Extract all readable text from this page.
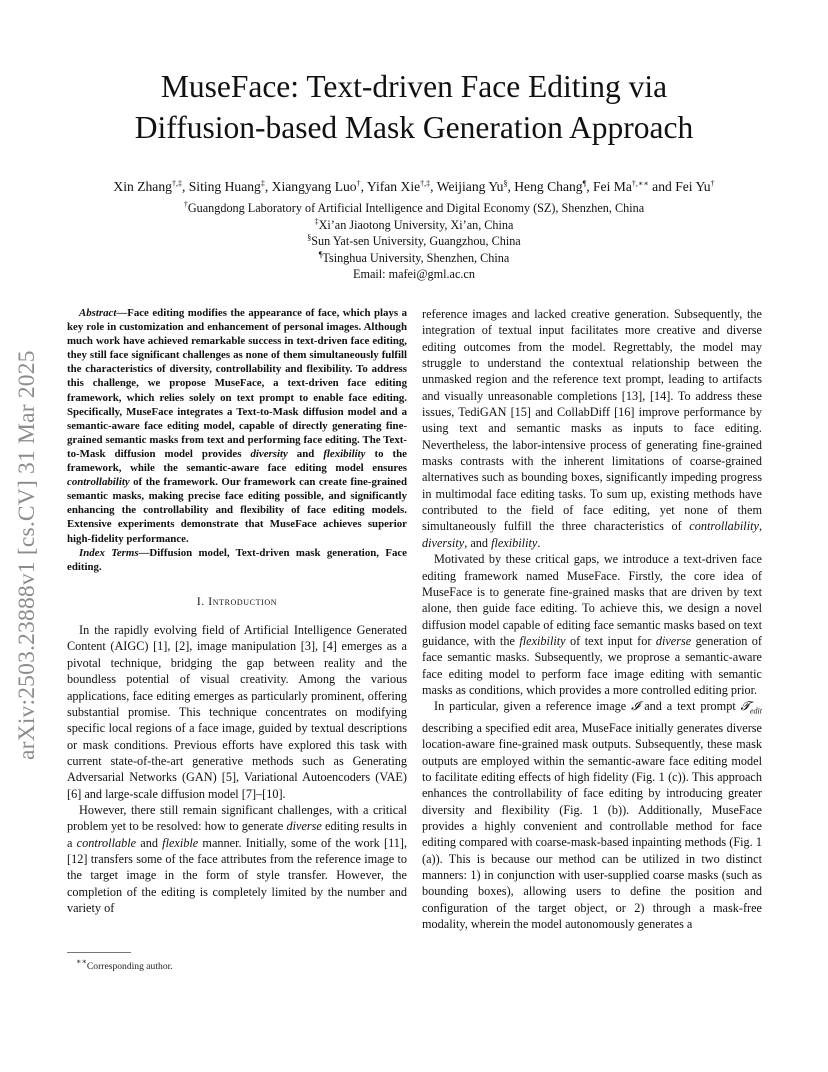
arXiv:2503.23888v1 [cs.CV] 31 Mar 2025
MuseFace: Text-driven Face Editing via
Diffusion-based Mask Generation Approach
Xin Zhang†,‡, Siting Huang‡, Xiangyang Luo†, Yifan Xie†,‡, Weijiang Yu§, Heng Chang¶, Fei Ma†,∗∗ and Fei Yu†
†Guangdong Laboratory of Artificial Intelligence and Digital Economy (SZ), Shenzhen, China
‡Xi’an Jiaotong University, Xi’an, China
§Sun Yat-sen University, Guangzhou, China
¶Tsinghua University, Shenzhen, China
Email: mafei@gml.ac.cn

Abstract—Face editing modifies the appearance of face, which plays a key role in customization and enhancement of personal images. Although much work have achieved remarkable success in text-driven face editing, they still face significant challenges as none of them simultaneously fulfill the characteristics of diversity, controllability and flexibility. To address this challenge, we propose MuseFace, a text-driven face editing framework, which relies solely on text prompt to enable face editing. Specifically, MuseFace integrates a Text-to-Mask diffusion model and a semantic-aware face editing model, capable of directly generating fine-grained semantic masks from text and performing face editing. The Text-to-Mask diffusion model provides diversity and flexibility to the framework, while the semantic-aware face editing model ensures controllability of the framework. Our framework can create fine-grained semantic masks, making precise face editing possible, and significantly enhancing the controllability and flexibility of face editing models. Extensive experiments demonstrate that MuseFace achieves superior high-fidelity performance.

Index Terms—Diffusion model, Text-driven mask generation, Face editing.

I. Introduction

In the rapidly evolving field of Artificial Intelligence Generated Content (AIGC) [1], [2], image manipulation [3], [4] emerges as a pivotal technique, bridging the gap between reality and the boundless potential of visual creativity. Among the various applications, face editing emerges as particularly prominent, offering substantial promise. This technique concentrates on modifying specific local regions of a face image, guided by textual descriptions or mask conditions. Previous efforts have explored this task with current state-of-the-art generative methods such as Generating Adversarial Networks (GAN) [5], Variational Autoencoders (VAE) [6] and large-scale diffusion model [7]–[10].

However, there still remain significant challenges, with a critical problem yet to be resolved: how to generate diverse editing results in a controllable and flexible manner. Initially, some of the work [11], [12] transfers some of the face attributes from the reference image to the target image in the form of style transfer. However, the completion of the editing is completely limited by the number and variety of

reference images and lacked creative generation. Subsequently, the integration of textual input facilitates more creative and diverse editing outcomes from the model. Regrettably, the model may struggle to understand the contextual relationship between the unmasked region and the reference text prompt, leading to artifacts and visually unreasonable completions [13], [14]. To address these issues, TediGAN [15] and CollabDiff [16] improve performance by using text and semantic masks as inputs to face editing. Nevertheless, the labor-intensive process of generating fine-grained masks contrasts with the inherent limitations of coarse-grained alternatives such as bounding boxes, significantly impeding progress in multimodal face editing tasks. To sum up, existing methods have contributed to the field of face editing, yet none of them simultaneously fulfill the three characteristics of controllability, diversity, and flexibility.

Motivated by these critical gaps, we introduce a text-driven face editing framework named MuseFace. Firstly, the core idea of MuseFace is to generate fine-grained masks that are driven by text alone, then guide face editing. To achieve this, we design a novel diffusion model capable of editing face semantic masks based on text guidance, with the flexibility of text input for diverse generation of face semantic masks. Subsequently, we proprose a semantic-aware face editing model to perform face image editing with semantic masks as conditions, which provides a more controlled editing prior.

In particular, given a reference image 𝓘 and a text prompt 𝓣$_{edit}$ describing a specified edit area, MuseFace initially generates diverse location-aware fine-grained mask outputs. Subsequently, these mask outputs are employed within the semantic-aware face editing model to facilitate editing effects of high fidelity (Fig. 1 (c)). This approach enhances the controllability of face editing by introducing greater diversity and flexibility (Fig. 1 (b)). Additionally, MuseFace provides a highly convenient and controllable method for face editing compared with coarse-mask-based inpainting methods (Fig. 1 (a)). This is because our method can be utilized in two distinct manners: 1) in conjunction with user-supplied coarse masks (such as bounding boxes), allowing users to define the position and configuration of the target object, or 2) through a mask-free modality, wherein the model autonomously generates a

∗∗Corresponding author.
